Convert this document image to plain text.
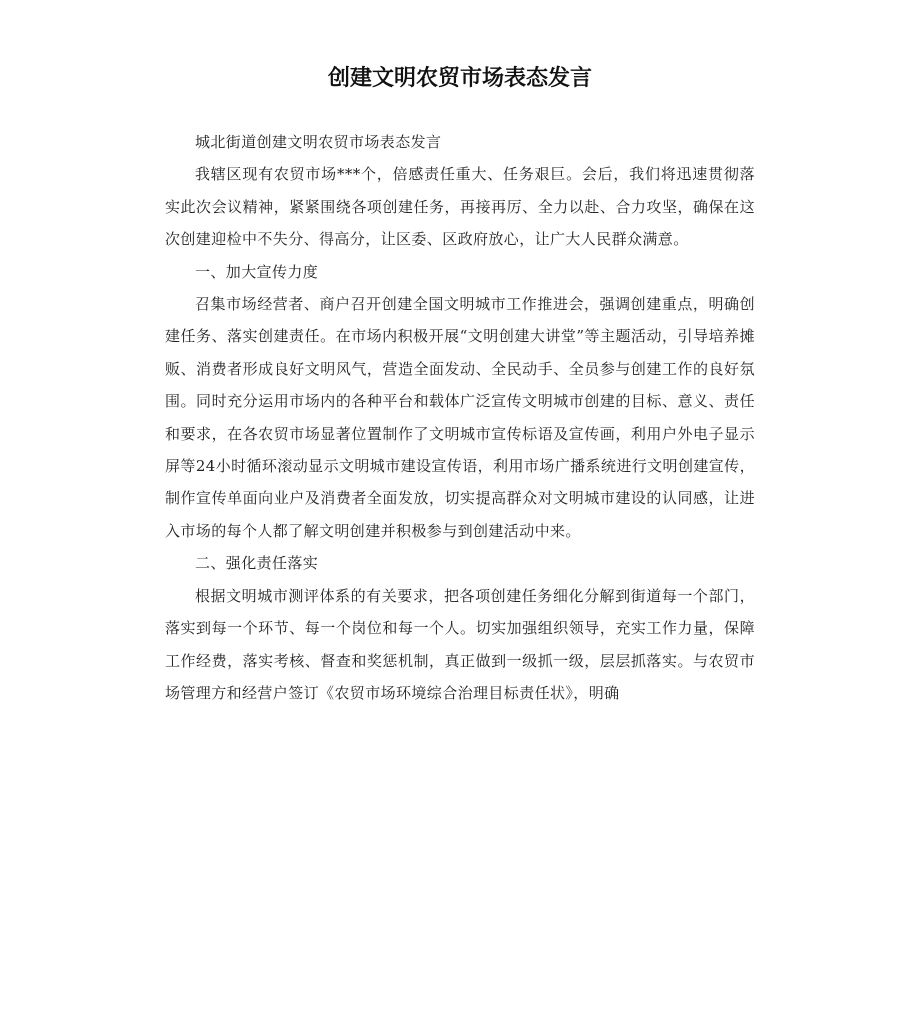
创建文明农贸市场表态发言

城北街道创建文明农贸市场表态发言

我辖区现有农贸市场***个，倍感责任重大、任务艰巨。会后，我们将迅速贯彻落实此次会议精神，紧紧围绕各项创建任务，再接再厉、全力以赴、合力攻坚，确保在这次创建迎检中不失分、得高分，让区委、区政府放心，让广大人民群众满意。

一、加大宣传力度

召集市场经营者、商户召开创建全国文明城市工作推进会，强调创建重点，明确创建任务、落实创建责任。在市场内积极开展“文明创建大讲堂”等主题活动，引导培养摊贩、消费者形成良好文明风气，营造全面发动、全民动手、全员参与创建工作的良好氛围。同时充分运用市场内的各种平台和载体广泛宣传文明城市创建的目标、意义、责任和要求，在各农贸市场显著位置制作了文明城市宣传标语及宣传画，利用户外电子显示屏等24小时循环滚动显示文明城市建设宣传语，利用市场广播系统进行文明创建宣传，制作宣传单面向业户及消费者全面发放，切实提高群众对文明城市建设的认同感，让进入市场的每个人都了解文明创建并积极参与到创建活动中来。

二、强化责任落实

根据文明城市测评体系的有关要求，把各项创建任务细化分解到街道每一个部门，落实到每一个环节、每一个岗位和每一个人。切实加强组织领导，充实工作力量，保障工作经费，落实考核、督查和奖惩机制，真正做到一级抓一级，层层抓落实。与农贸市场管理方和经营户签订《农贸市场环境综合治理目标责任状》，明确
